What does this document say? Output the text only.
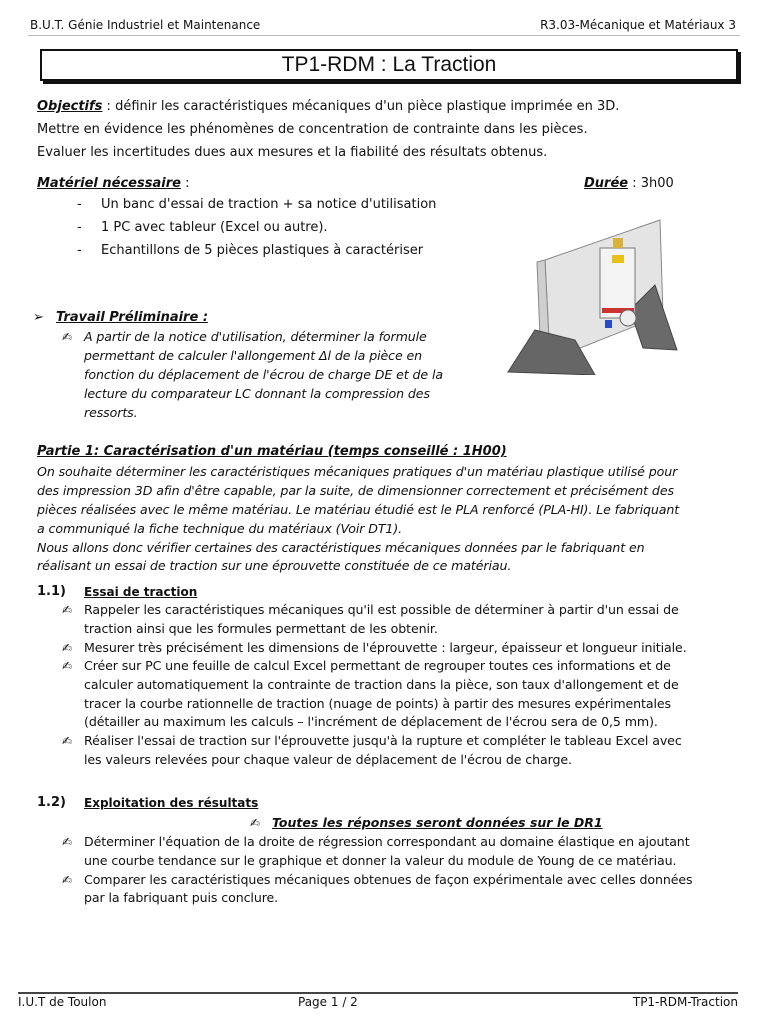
B.U.T. Génie Industriel et Maintenance	R3.03-Mécanique et Matériaux 3
TP1-RDM : La Traction
Objectifs : définir les caractéristiques mécaniques d'un pièce plastique imprimée en 3D.
Mettre en évidence les phénomènes de concentration de contrainte dans les pièces.
Evaluer les incertitudes dues aux mesures et la fiabilité des résultats obtenus.
Matériel nécessaire :	Durée : 3h00
- Un banc d'essai de traction + sa notice d'utilisation
- 1 PC avec tableur (Excel ou autre).
- Echantillons de 5 pièces plastiques à caractériser
➢ Travail Préliminaire :
✍ A partir de la notice d'utilisation, déterminer la formule
permettant de calculer l'allongement Δl de la pièce en
fonction du déplacement de l'écrou de charge DE et de la
lecture du comparateur LC donnant la compression des
ressorts.
Partie 1: Caractérisation d'un matériau (temps conseillé : 1H00)
On souhaite déterminer les caractéristiques mécaniques pratiques d'un matériau plastique utilisé pour
des impression 3D afin d'être capable, par la suite, de dimensionner correctement et précisément des
pièces réalisées avec le même matériau. Le matériau étudié est le PLA renforcé (PLA-HI). Le fabriquant
a communiqué la fiche technique du matériaux (Voir DT1).
Nous allons donc vérifier certaines des caractéristiques mécaniques données par le fabriquant en
réalisant un essai de traction sur une éprouvette constituée de ce matériau.
1.1) Essai de traction
✍ Rappeler les caractéristiques mécaniques qu'il est possible de déterminer à partir d'un essai de
traction ainsi que les formules permettant de les obtenir.
✍ Mesurer très précisément les dimensions de l'éprouvette : largeur, épaisseur et longueur initiale.
✍ Créer sur PC une feuille de calcul Excel permettant de regrouper toutes ces informations et de
calculer automatiquement la contrainte de traction dans la pièce, son taux d'allongement et de
tracer la courbe rationnelle de traction (nuage de points) à partir des mesures expérimentales
(détailler au maximum les calculs – l'incrément de déplacement de l'écrou sera de 0,5 mm).
✍ Réaliser l'essai de traction sur l'éprouvette jusqu'à la rupture et compléter le tableau Excel avec
les valeurs relevées pour chaque valeur de déplacement de l'écrou de charge.
1.2) Exploitation des résultats
✍ Toutes les réponses seront données sur le DR1
✍ Déterminer l'équation de la droite de régression correspondant au domaine élastique en ajoutant
une courbe tendance sur le graphique et donner la valeur du module de Young de ce matériau.
✍ Comparer les caractéristiques mécaniques obtenues de façon expérimentale avec celles données
par la fabriquant puis conclure.
I.U.T de Toulon	Page 1 / 2	TP1-RDM-Traction
